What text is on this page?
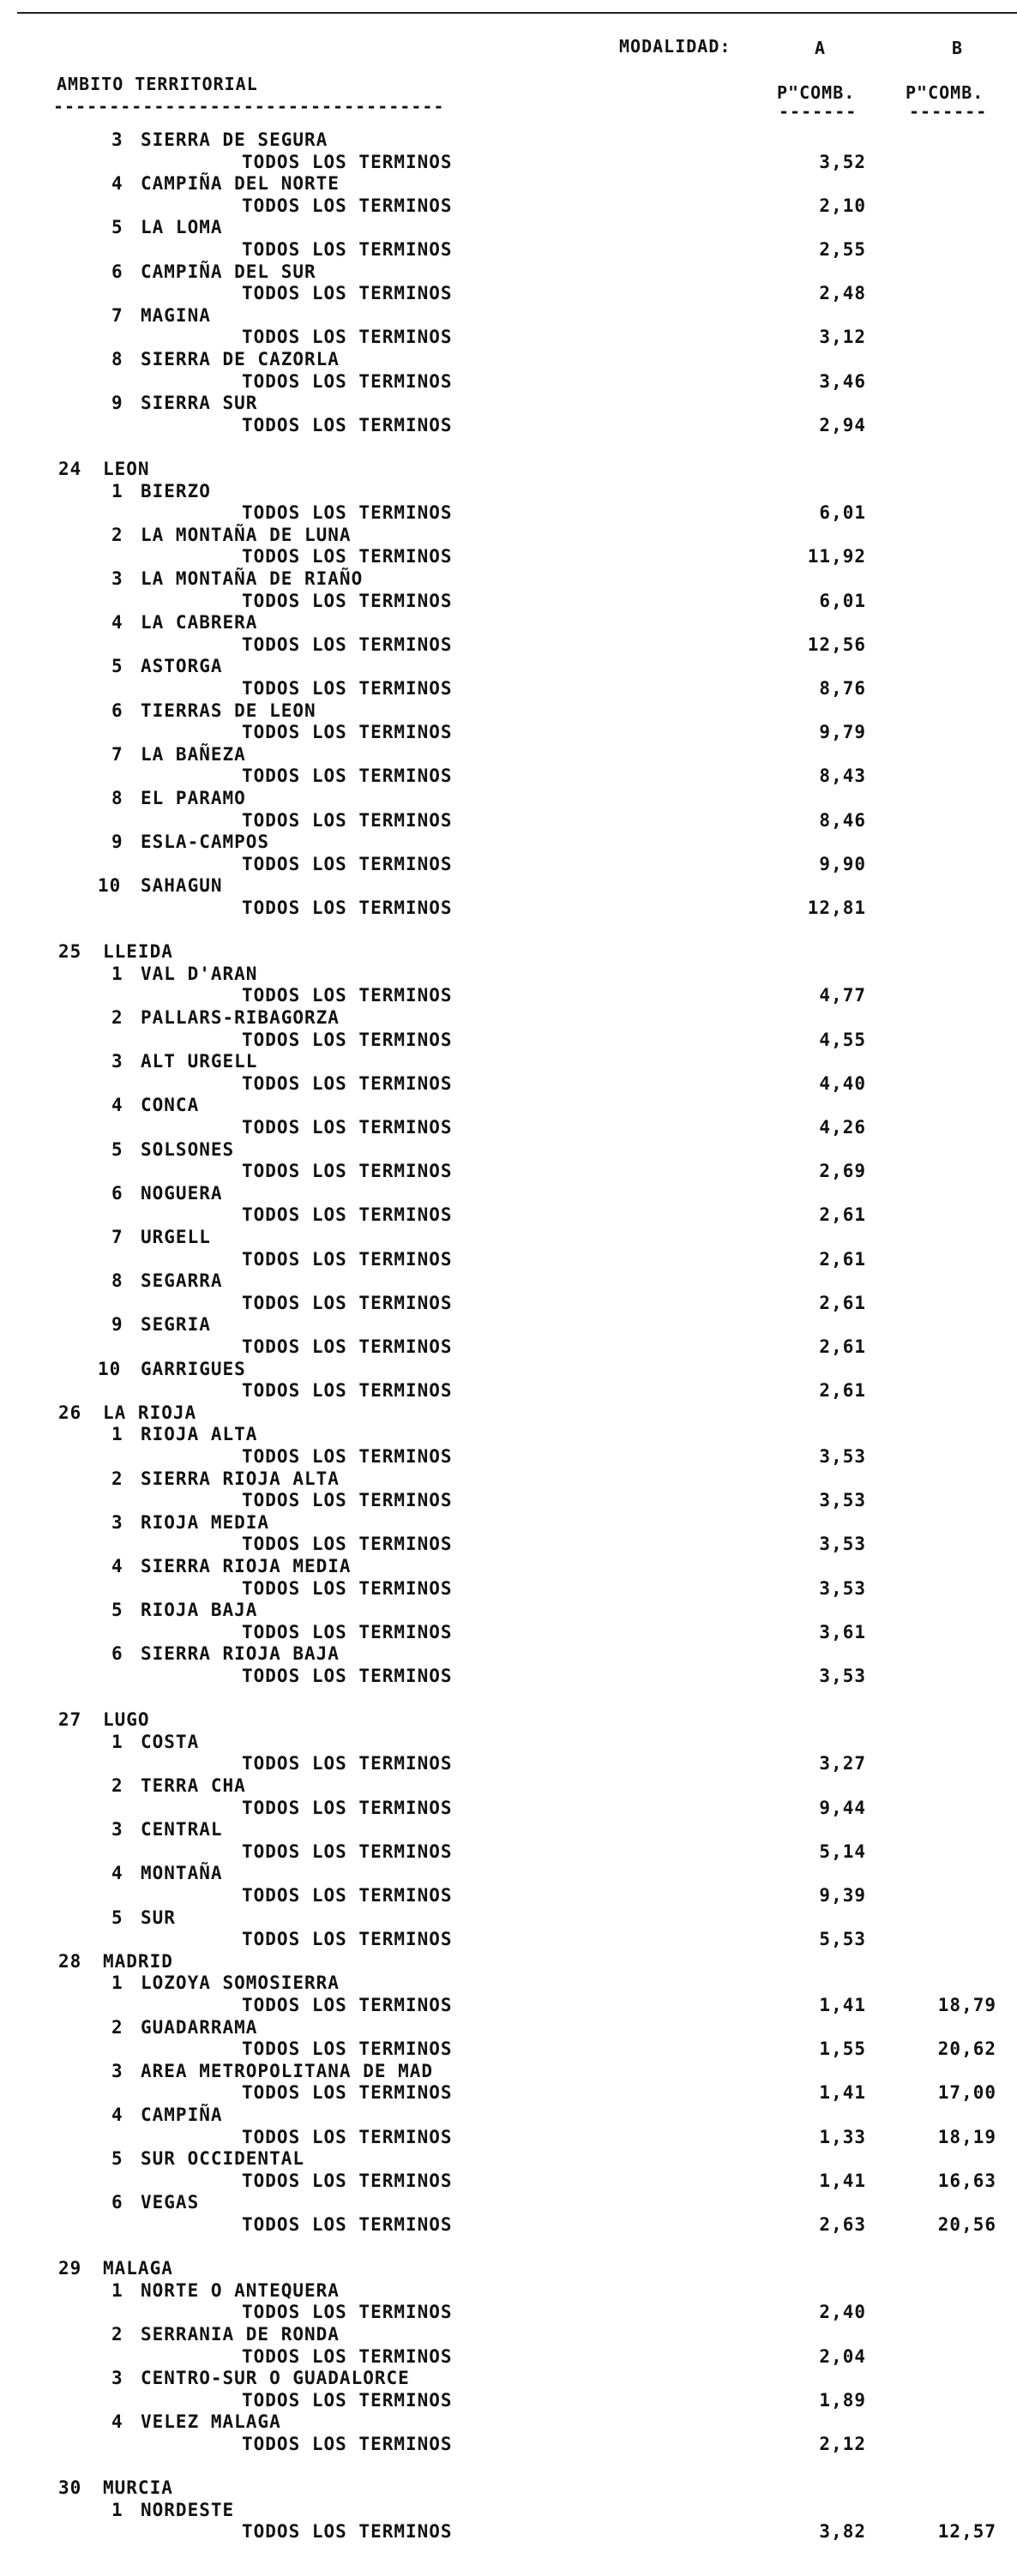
MODALIDAD:	A	B
AMBITO TERRITORIAL	P"COMB.	P"COMB.
-----------------------------------	-------	-------
3 SIERRA DE SEGURA
TODOS LOS TERMINOS	3,52
4 CAMPIÑA DEL NORTE
TODOS LOS TERMINOS	2,10
5 LA LOMA
TODOS LOS TERMINOS	2,55
6 CAMPIÑA DEL SUR
TODOS LOS TERMINOS	2,48
7 MAGINA
TODOS LOS TERMINOS	3,12
8 SIERRA DE CAZORLA
TODOS LOS TERMINOS	3,46
9 SIERRA SUR
TODOS LOS TERMINOS	2,94
24 LEON
1 BIERZO
TODOS LOS TERMINOS	6,01
2 LA MONTAÑA DE LUNA
TODOS LOS TERMINOS	11,92
3 LA MONTAÑA DE RIAÑO
TODOS LOS TERMINOS	6,01
4 LA CABRERA
TODOS LOS TERMINOS	12,56
5 ASTORGA
TODOS LOS TERMINOS	8,76
6 TIERRAS DE LEON
TODOS LOS TERMINOS	9,79
7 LA BAÑEZA
TODOS LOS TERMINOS	8,43
8 EL PARAMO
TODOS LOS TERMINOS	8,46
9 ESLA-CAMPOS
TODOS LOS TERMINOS	9,90
10 SAHAGUN
TODOS LOS TERMINOS	12,81
25 LLEIDA
1 VAL D'ARAN
TODOS LOS TERMINOS	4,77
2 PALLARS-RIBAGORZA
TODOS LOS TERMINOS	4,55
3 ALT URGELL
TODOS LOS TERMINOS	4,40
4 CONCA
TODOS LOS TERMINOS	4,26
5 SOLSONES
TODOS LOS TERMINOS	2,69
6 NOGUERA
TODOS LOS TERMINOS	2,61
7 URGELL
TODOS LOS TERMINOS	2,61
8 SEGARRA
TODOS LOS TERMINOS	2,61
9 SEGRIA
TODOS LOS TERMINOS	2,61
10 GARRIGUES
TODOS LOS TERMINOS	2,61
26 LA RIOJA
1 RIOJA ALTA
TODOS LOS TERMINOS	3,53
2 SIERRA RIOJA ALTA
TODOS LOS TERMINOS	3,53
3 RIOJA MEDIA
TODOS LOS TERMINOS	3,53
4 SIERRA RIOJA MEDIA
TODOS LOS TERMINOS	3,53
5 RIOJA BAJA
TODOS LOS TERMINOS	3,61
6 SIERRA RIOJA BAJA
TODOS LOS TERMINOS	3,53
27 LUGO
1 COSTA
TODOS LOS TERMINOS	3,27
2 TERRA CHA
TODOS LOS TERMINOS	9,44
3 CENTRAL
TODOS LOS TERMINOS	5,14
4 MONTAÑA
TODOS LOS TERMINOS	9,39
5 SUR
TODOS LOS TERMINOS	5,53
28 MADRID
1 LOZOYA SOMOSIERRA
TODOS LOS TERMINOS	1,41	18,79
2 GUADARRAMA
TODOS LOS TERMINOS	1,55	20,62
3 AREA METROPOLITANA DE MAD
TODOS LOS TERMINOS	1,41	17,00
4 CAMPIÑA
TODOS LOS TERMINOS	1,33	18,19
5 SUR OCCIDENTAL
TODOS LOS TERMINOS	1,41	16,63
6 VEGAS
TODOS LOS TERMINOS	2,63	20,56
29 MALAGA
1 NORTE O ANTEQUERA
TODOS LOS TERMINOS	2,40
2 SERRANIA DE RONDA
TODOS LOS TERMINOS	2,04
3 CENTRO-SUR O GUADALORCE
TODOS LOS TERMINOS	1,89
4 VELEZ MALAGA
TODOS LOS TERMINOS	2,12
30 MURCIA
1 NORDESTE
TODOS LOS TERMINOS	3,82	12,57
